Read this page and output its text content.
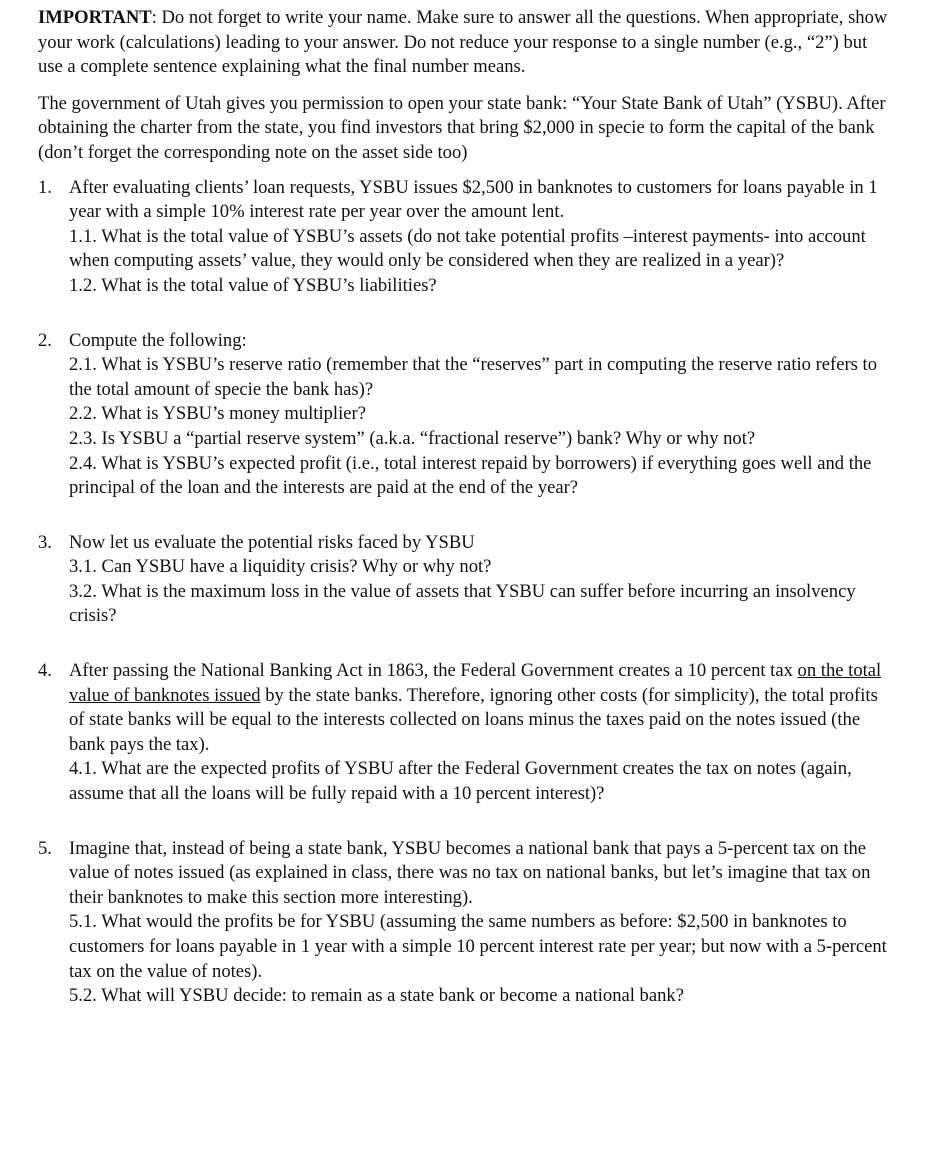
IMPORTANT: Do not forget to write your name. Make sure to answer all the questions. When appropriate, show your work (calculations) leading to your answer. Do not reduce your response to a single number (e.g., “2”) but use a complete sentence explaining what the final number means.

The government of Utah gives you permission to open your state bank: “Your State Bank of Utah” (YSBU). After obtaining the charter from the state, you find investors that bring $2,000 in specie to form the capital of the bank (don’t forget the corresponding note on the asset side too)

1. After evaluating clients’ loan requests, YSBU issues $2,500 in banknotes to customers for loans payable in 1 year with a simple 10% interest rate per year over the amount lent.

1.1. What is the total value of YSBU’s assets (do not take potential profits –interest payments- into account when computing assets’ value, they would only be considered when they are realized in a year)?

1.2. What is the total value of YSBU’s liabilities?

2. Compute the following:

2.1. What is YSBU’s reserve ratio (remember that the “reserves” part in computing the reserve ratio refers to the total amount of specie the bank has)?

2.2. What is YSBU’s money multiplier?

2.3. Is YSBU a “partial reserve system” (a.k.a. “fractional reserve”) bank? Why or why not?

2.4. What is YSBU’s expected profit (i.e., total interest repaid by borrowers) if everything goes well and the principal of the loan and the interests are paid at the end of the year?

3. Now let us evaluate the potential risks faced by YSBU

3.1. Can YSBU have a liquidity crisis? Why or why not?

3.2. What is the maximum loss in the value of assets that YSBU can suffer before incurring an insolvency crisis?

4. After passing the National Banking Act in 1863, the Federal Government creates a 10 percent tax on the total value of banknotes issued by the state banks. Therefore, ignoring other costs (for simplicity), the total profits of state banks will be equal to the interests collected on loans minus the taxes paid on the notes issued (the bank pays the tax).

4.1. What are the expected profits of YSBU after the Federal Government creates the tax on notes (again, assume that all the loans will be fully repaid with a 10 percent interest)?

5. Imagine that, instead of being a state bank, YSBU becomes a national bank that pays a 5-percent tax on the value of notes issued (as explained in class, there was no tax on national banks, but let’s imagine that tax on their banknotes to make this section more interesting).

5.1. What would the profits be for YSBU (assuming the same numbers as before: $2,500 in banknotes to customers for loans payable in 1 year with a simple 10 percent interest rate per year; but now with a 5-percent tax on the value of notes).

5.2. What will YSBU decide: to remain as a state bank or become a national bank?
